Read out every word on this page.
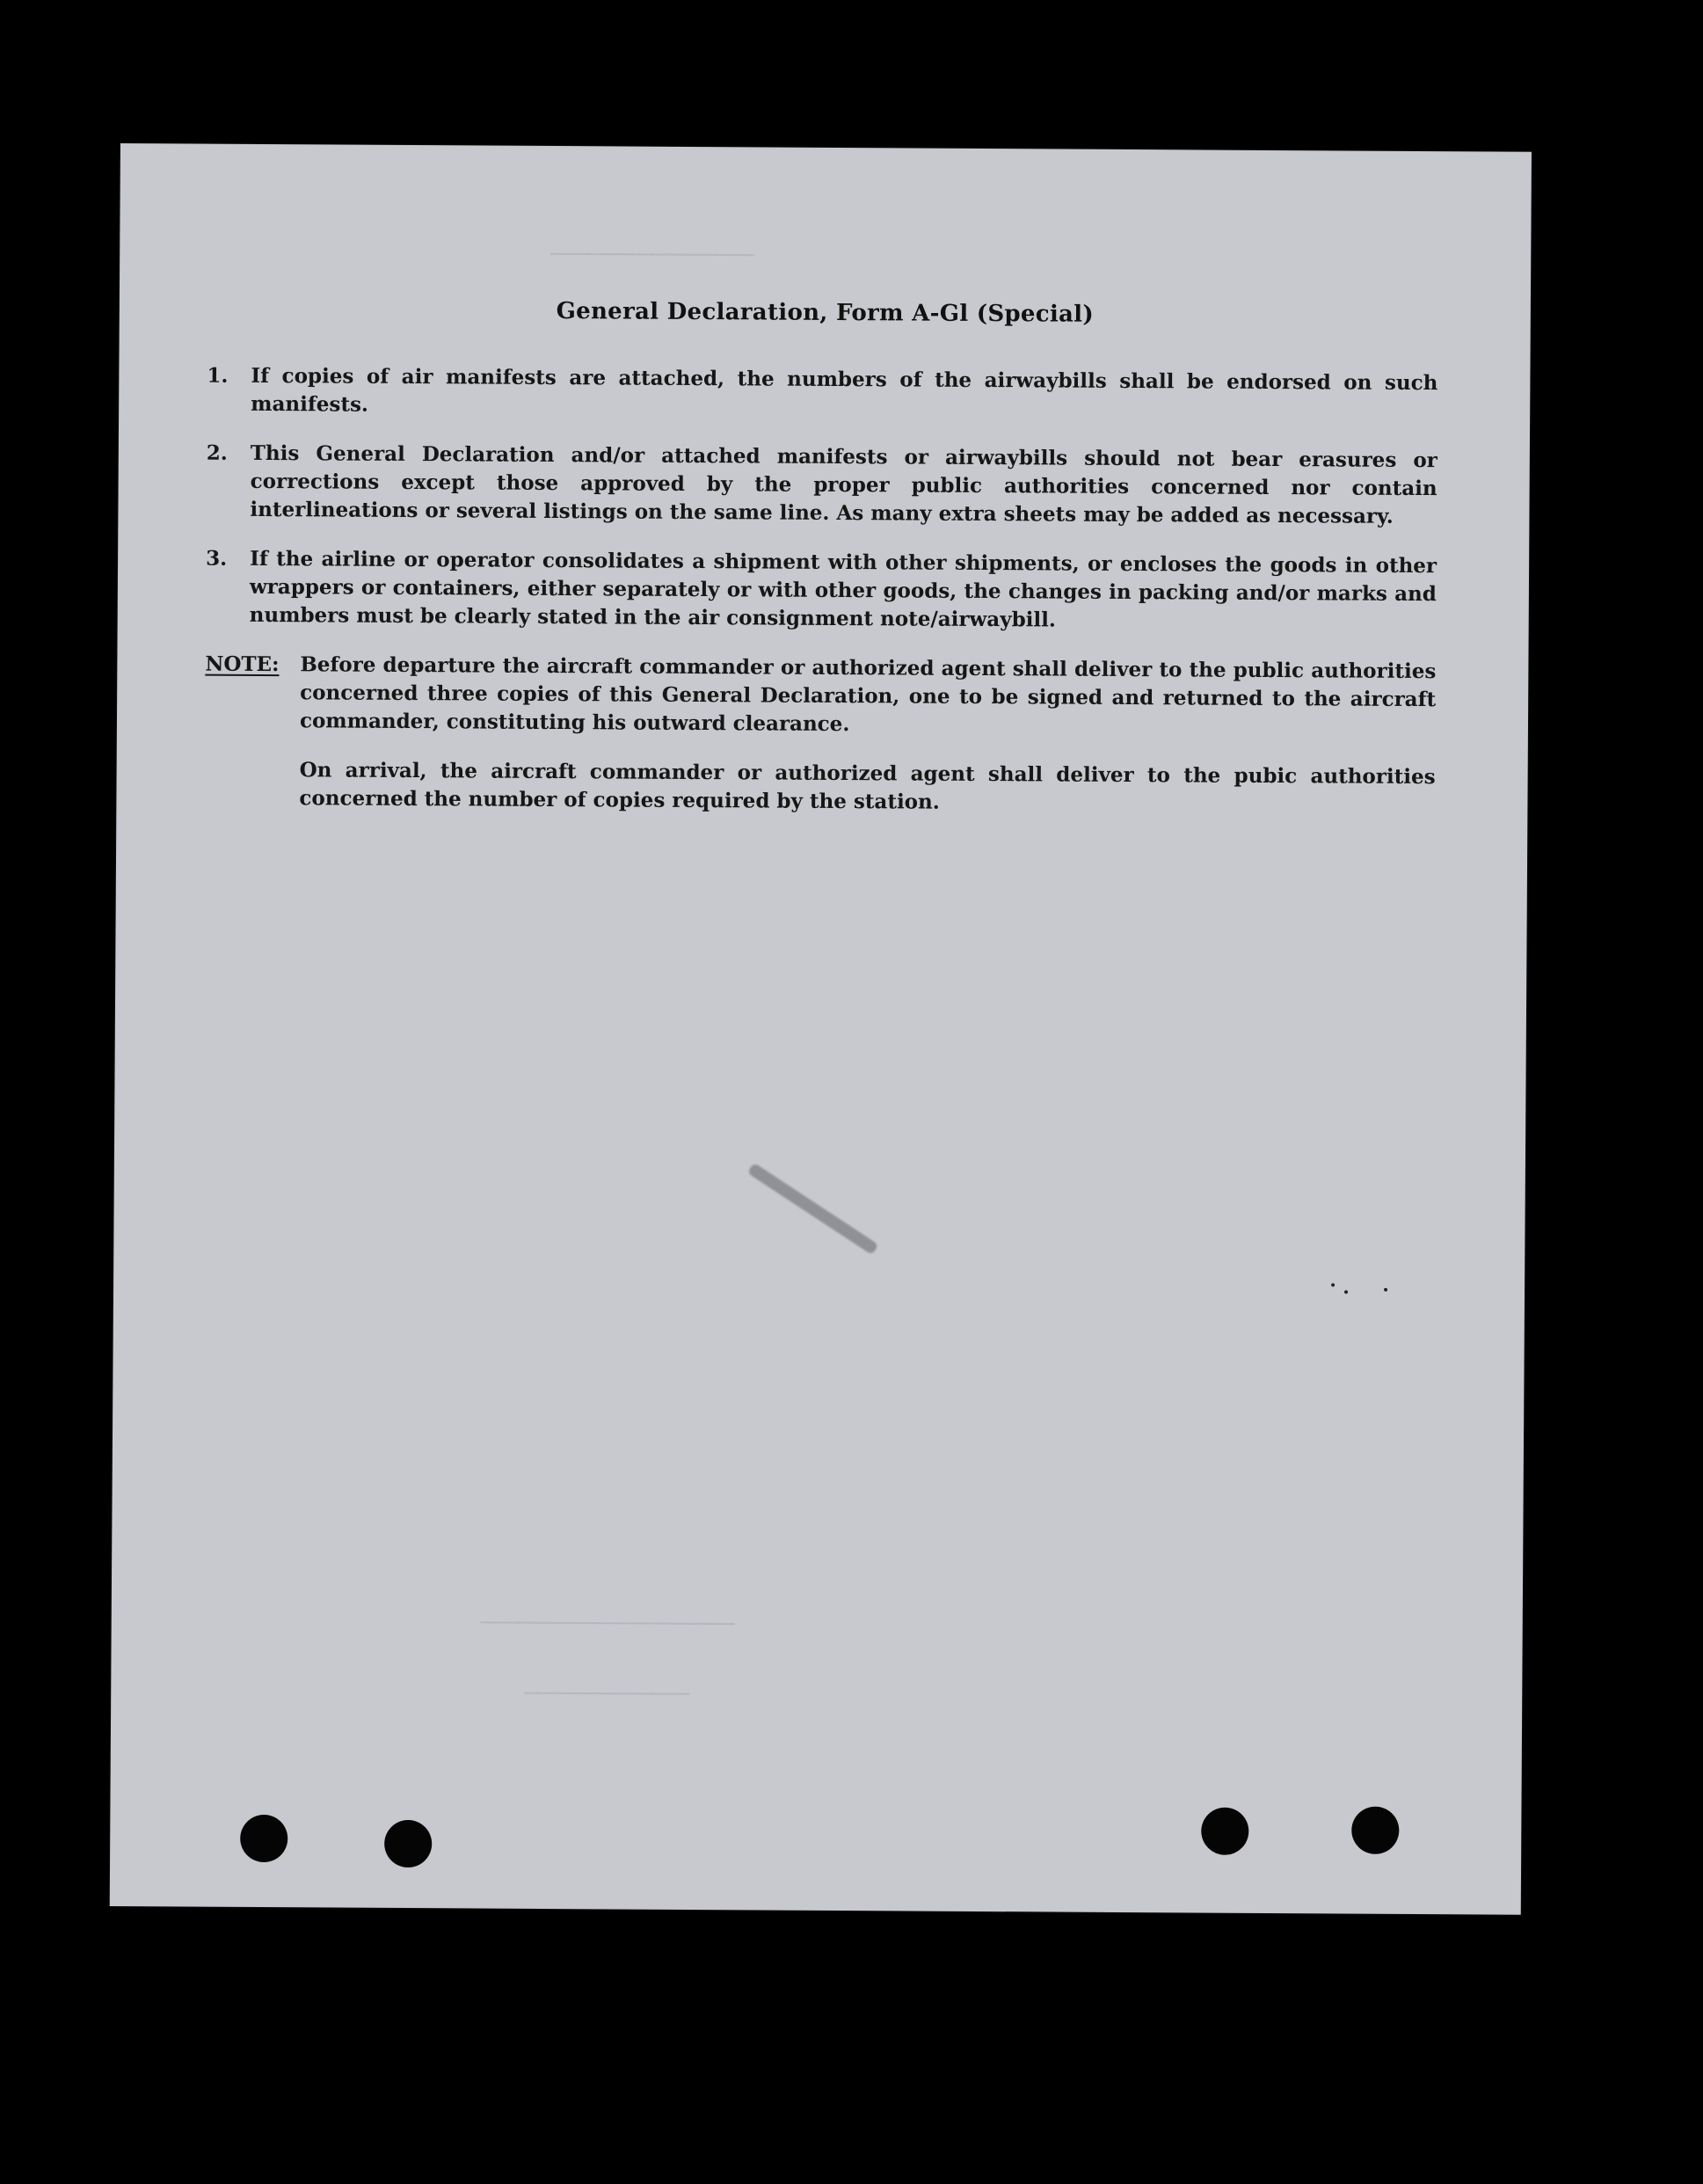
General Declaration, Form A-Gl (Special)
1.	If copies of air manifests are attached, the numbers of the airwaybills shall be endorsed on such manifests.
2.	This General Declaration and/or attached manifests or airwaybills should not bear erasures or corrections except those approved by the proper public authorities concerned nor contain interlineations or several listings on the same line. As many extra sheets may be added as necessary.
3.	If the airline or operator consolidates a shipment with other shipments, or encloses the goods in other wrappers or containers, either separately or with other goods, the changes in packing and/or marks and numbers must be clearly stated in the air consignment note/airwaybill.
NOTE:	Before departure the aircraft commander or authorized agent shall deliver to the public authorities concerned three copies of this General Declaration, one to be signed and returned to the aircraft commander, constituting his outward clearance.

On arrival, the aircraft commander or authorized agent shall deliver to the pubic authorities concerned the number of copies required by the station.

────────────────
────────────────────
─────────────
